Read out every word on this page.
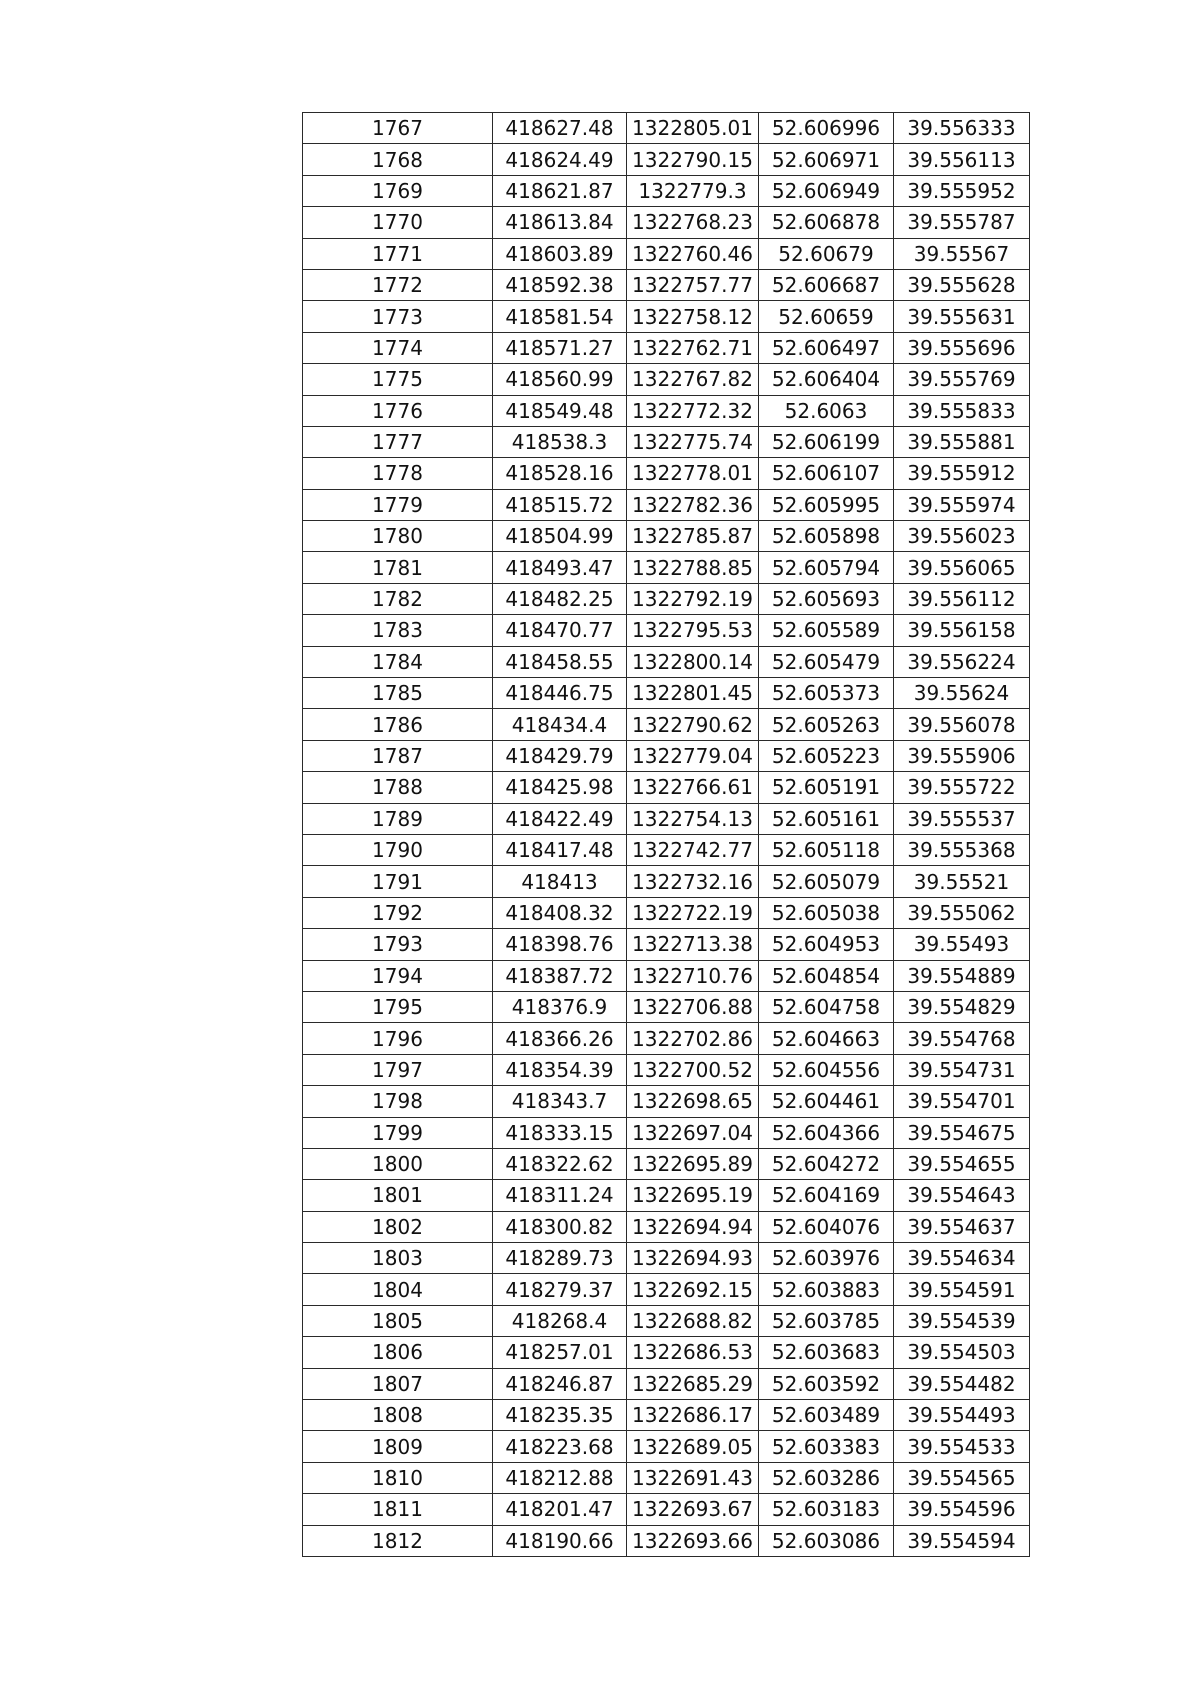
1767	418627.48	1322805.01	52.606996	39.556333
1768	418624.49	1322790.15	52.606971	39.556113
1769	418621.87	1322779.3	52.606949	39.555952
1770	418613.84	1322768.23	52.606878	39.555787
1771	418603.89	1322760.46	52.60679	39.55567
1772	418592.38	1322757.77	52.606687	39.555628
1773	418581.54	1322758.12	52.60659	39.555631
1774	418571.27	1322762.71	52.606497	39.555696
1775	418560.99	1322767.82	52.606404	39.555769
1776	418549.48	1322772.32	52.6063	39.555833
1777	418538.3	1322775.74	52.606199	39.555881
1778	418528.16	1322778.01	52.606107	39.555912
1779	418515.72	1322782.36	52.605995	39.555974
1780	418504.99	1322785.87	52.605898	39.556023
1781	418493.47	1322788.85	52.605794	39.556065
1782	418482.25	1322792.19	52.605693	39.556112
1783	418470.77	1322795.53	52.605589	39.556158
1784	418458.55	1322800.14	52.605479	39.556224
1785	418446.75	1322801.45	52.605373	39.55624
1786	418434.4	1322790.62	52.605263	39.556078
1787	418429.79	1322779.04	52.605223	39.555906
1788	418425.98	1322766.61	52.605191	39.555722
1789	418422.49	1322754.13	52.605161	39.555537
1790	418417.48	1322742.77	52.605118	39.555368
1791	418413	1322732.16	52.605079	39.55521
1792	418408.32	1322722.19	52.605038	39.555062
1793	418398.76	1322713.38	52.604953	39.55493
1794	418387.72	1322710.76	52.604854	39.554889
1795	418376.9	1322706.88	52.604758	39.554829
1796	418366.26	1322702.86	52.604663	39.554768
1797	418354.39	1322700.52	52.604556	39.554731
1798	418343.7	1322698.65	52.604461	39.554701
1799	418333.15	1322697.04	52.604366	39.554675
1800	418322.62	1322695.89	52.604272	39.554655
1801	418311.24	1322695.19	52.604169	39.554643
1802	418300.82	1322694.94	52.604076	39.554637
1803	418289.73	1322694.93	52.603976	39.554634
1804	418279.37	1322692.15	52.603883	39.554591
1805	418268.4	1322688.82	52.603785	39.554539
1806	418257.01	1322686.53	52.603683	39.554503
1807	418246.87	1322685.29	52.603592	39.554482
1808	418235.35	1322686.17	52.603489	39.554493
1809	418223.68	1322689.05	52.603383	39.554533
1810	418212.88	1322691.43	52.603286	39.554565
1811	418201.47	1322693.67	52.603183	39.554596
1812	418190.66	1322693.66	52.603086	39.554594
